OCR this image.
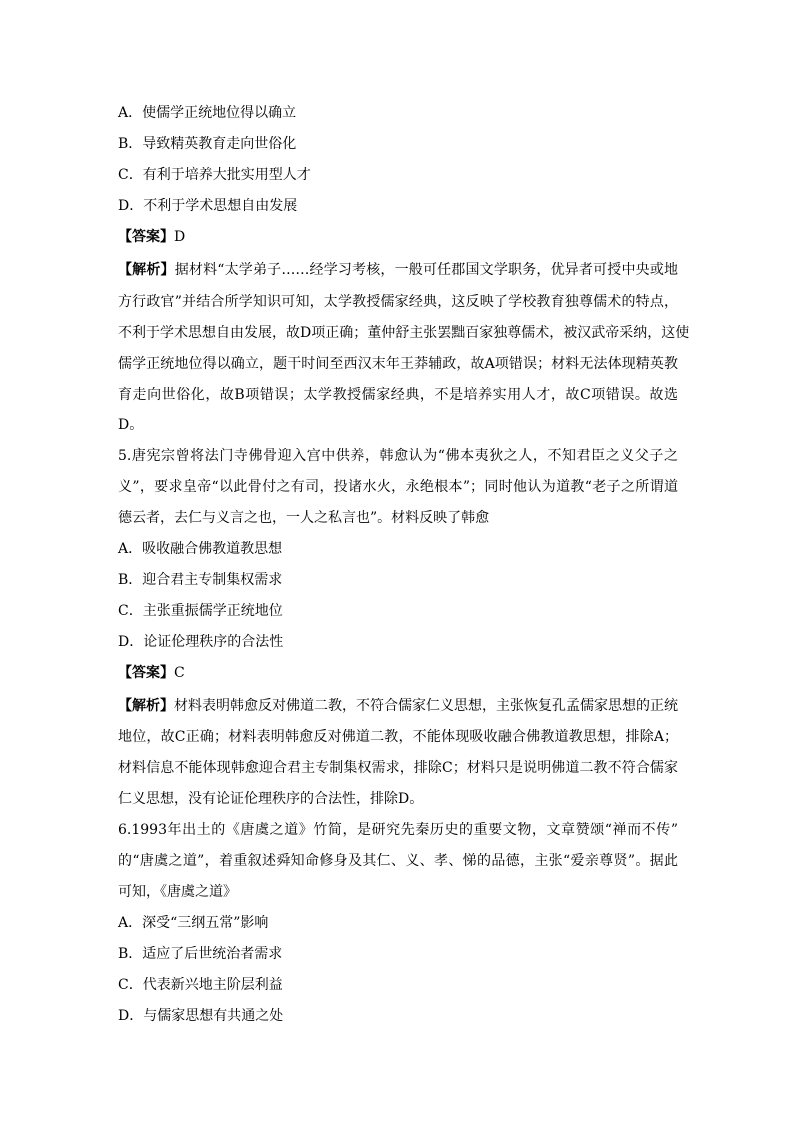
A．使儒学正统地位得以确立
B．导致精英教育走向世俗化
C．有利于培养大批实用型人才
D．不利于学术思想自由发展
【答案】D
【解析】据材料“太学弟子……经学习考核，一般可任郡国文学职务，优异者可授中央或地
方行政官”并结合所学知识可知，太学教授儒家经典，这反映了学校教育独尊儒术的特点，
不利于学术思想自由发展，故D项正确；董仲舒主张罢黜百家独尊儒术，被汉武帝采纳，这使
儒学正统地位得以确立，题干时间至西汉末年王莽辅政，故A项错误；材料无法体现精英教
育走向世俗化，故B项错误；太学教授儒家经典，不是培养实用人才，故C项错误。故选
D。
5.唐宪宗曾将法门寺佛骨迎入宫中供养，韩愈认为“佛本夷狄之人，不知君臣之义父子之
义”，要求皇帝“以此骨付之有司，投诸水火，永绝根本”；同时他认为道教“老子之所谓道
德云者，去仁与义言之也，一人之私言也”。材料反映了韩愈
A．吸收融合佛教道教思想
B．迎合君主专制集权需求
C．主张重振儒学正统地位
D．论证伦理秩序的合法性
【答案】C
【解析】材料表明韩愈反对佛道二教，不符合儒家仁义思想，主张恢复孔孟儒家思想的正统
地位，故C正确；材料表明韩愈反对佛道二教，不能体现吸收融合佛教道教思想，排除A；
材料信息不能体现韩愈迎合君主专制集权需求，排除C；材料只是说明佛道二教不符合儒家
仁义思想，没有论证伦理秩序的合法性，排除D。
6.1993年出土的《唐虞之道》竹简，是研究先秦历史的重要文物，文章赞颂“禅而不传”
的“唐虞之道”，着重叙述舜知命修身及其仁、义、孝、悌的品德，主张“爱亲尊贤”。据此
可知，《唐虞之道》
A．深受“三纲五常”影响
B．适应了后世统治者需求
C．代表新兴地主阶层利益
D．与儒家思想有共通之处
